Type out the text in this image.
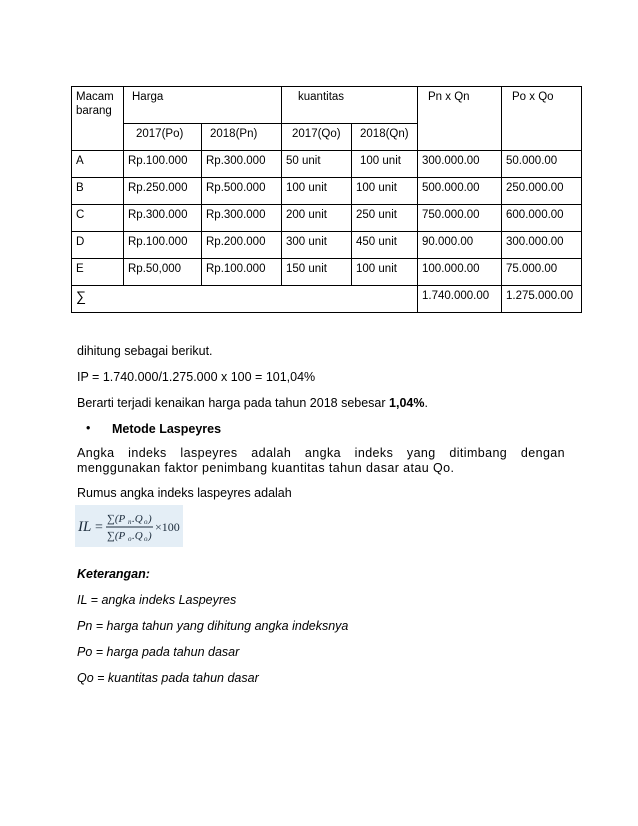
Macam barang	Harga		kuantitas		Pn x Qn	Po x Qo
	2017(Po)	2018(Pn)	2017(Qo)	2018(Qn)		
A	Rp.100.000	Rp.300.000	50 unit	100 unit	300.000.00	50.000.00
B	Rp.250.000	Rp.500.000	100 unit	100 unit	500.000.00	250.000.00
C	Rp.300.000	Rp.300.000	200 unit	250 unit	750.000.00	600.000.00
D	Rp.100.000	Rp.200.000	300 unit	450 unit	90.000.00	300.000.00
E	Rp.50,000	Rp.100.000	150 unit	100 unit	100.000.00	75.000.00
∑					1.740.000.00	1.275.000.00
dihitung sebagai berikut.
IP = 1.740.000/1.275.000 x 100 = 101,04%
Berarti terjadi kenaikan harga pada tahun 2018 sebesar 1,04%.
• Metode Laspeyres
Angka indeks laspeyres adalah angka indeks yang ditimbang dengan menggunakan faktor penimbang kuantitas tahun dasar atau Qo.
Rumus angka indeks laspeyres adalah
IL =
∑(P n .Q o )
∑(P o .Q o )
×100
Keterangan:
IL = angka indeks Laspeyres
Pn = harga tahun yang dihitung angka indeksnya
Po = harga pada tahun dasar
Qo = kuantitas pada tahun dasar
